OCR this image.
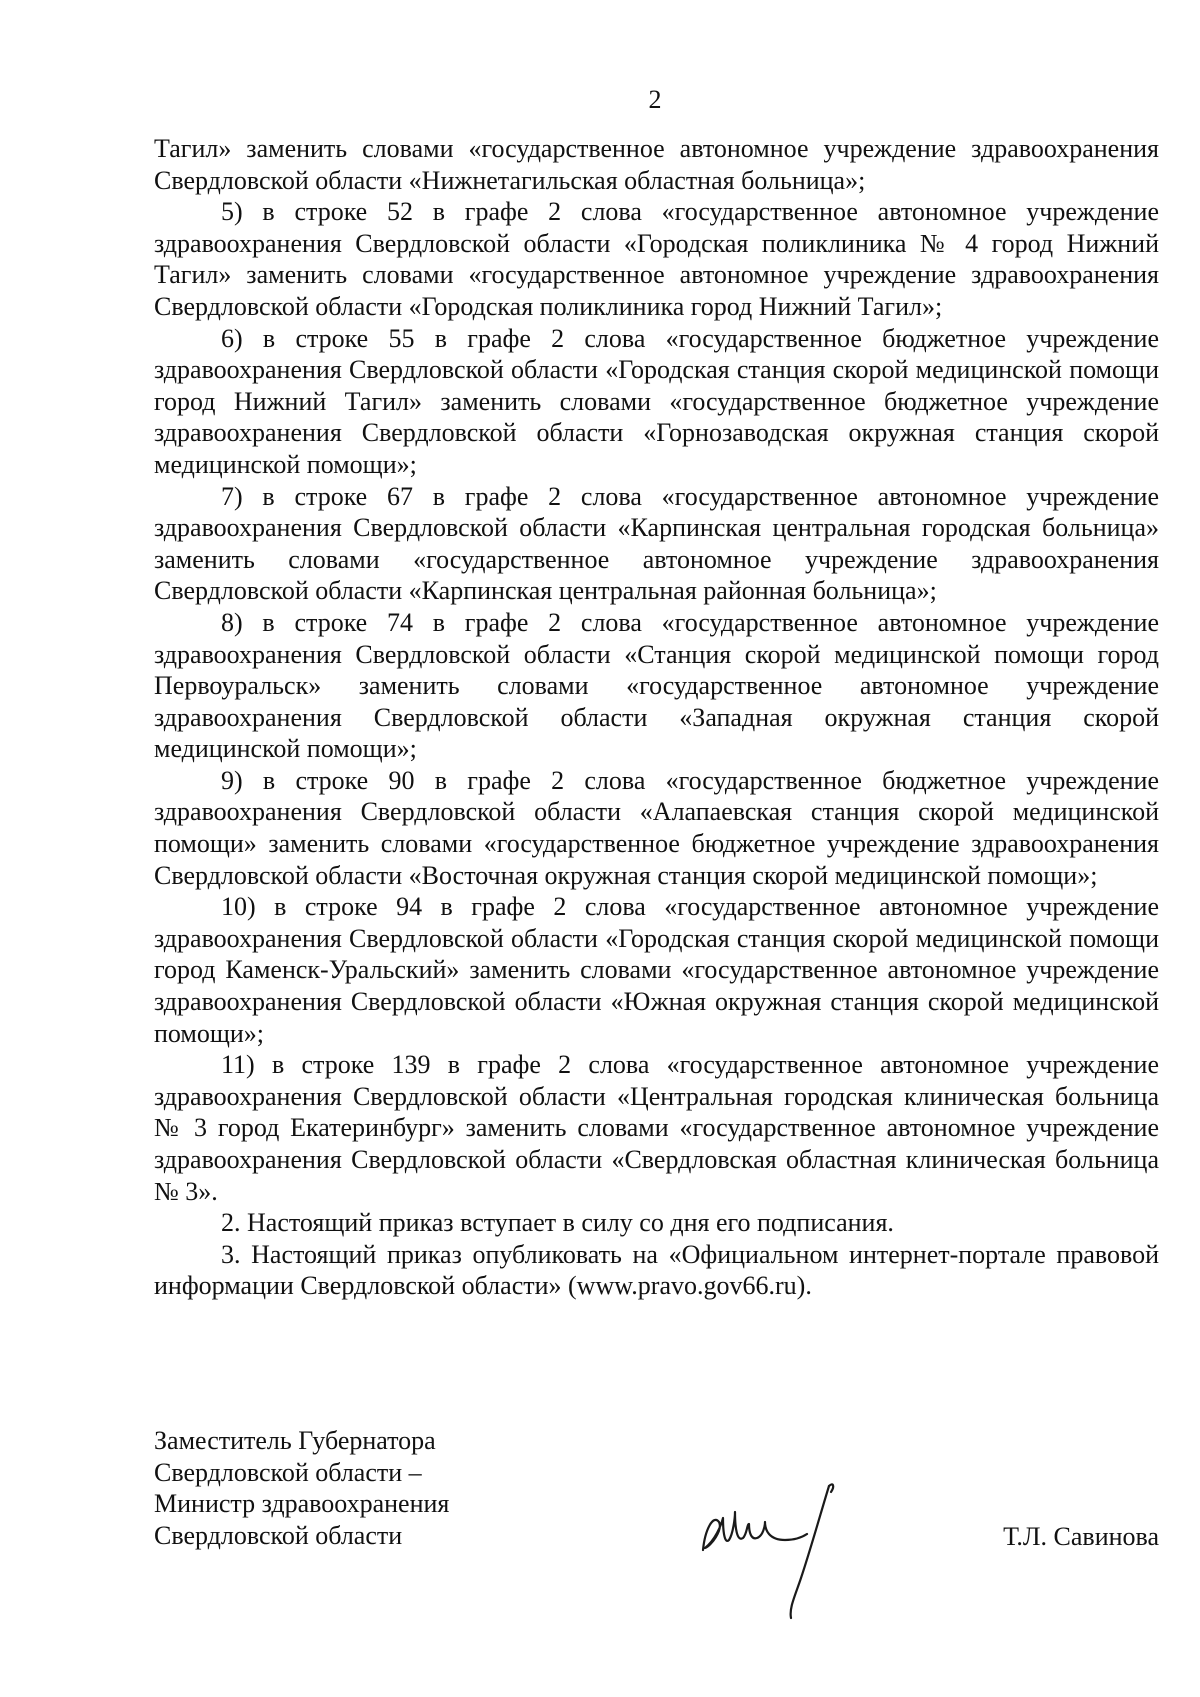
2

Тагил» заменить словами «государственное автономное учреждение здравоохранения Свердловской области «Нижнетагильская областная больница»;

5) в строке 52 в графе 2 слова «государственное автономное учреждение здравоохранения Свердловской области «Городская поликлиника № 4 город Нижний Тагил» заменить словами «государственное автономное учреждение здравоохранения Свердловской области «Городская поликлиника город Нижний Тагил»;

6) в строке 55 в графе 2 слова «государственное бюджетное учреждение здравоохранения Свердловской области «Городская станция скорой медицинской помощи город Нижний Тагил» заменить словами «государственное бюджетное учреждение здравоохранения Свердловской области «Горнозаводская окружная станция скорой медицинской помощи»;

7) в строке 67 в графе 2 слова «государственное автономное учреждение здравоохранения Свердловской области «Карпинская центральная городская больница» заменить словами «государственное автономное учреждение здравоохранения Свердловской области «Карпинская центральная районная больница»;

8) в строке 74 в графе 2 слова «государственное автономное учреждение здравоохранения Свердловской области «Станция скорой медицинской помощи город Первоуральск» заменить словами «государственное автономное учреждение здравоохранения Свердловской области «Западная окружная станция скорой медицинской помощи»;

9) в строке 90 в графе 2 слова «государственное бюджетное учреждение здравоохранения Свердловской области «Алапаевская станция скорой медицинской помощи» заменить словами «государственное бюджетное учреждение здравоохранения Свердловской области «Восточная окружная станция скорой медицинской помощи»;

10) в строке 94 в графе 2 слова «государственное автономное учреждение здравоохранения Свердловской области «Городская станция скорой медицинской помощи город Каменск-Уральский» заменить словами «государственное автономное учреждение здравоохранения Свердловской области «Южная окружная станция скорой медицинской помощи»;

11) в строке 139 в графе 2 слова «государственное автономное учреждение здравоохранения Свердловской области «Центральная городская клиническая больница № 3 город Екатеринбург» заменить словами «государственное автономное учреждение здравоохранения Свердловской области «Свердловская областная клиническая больница № 3».

2. Настоящий приказ вступает в силу со дня его подписания.

3. Настоящий приказ опубликовать на «Официальном интернет-портале правовой информации Свердловской области» (www.pravo.gov66.ru).

Заместитель Губернатора
Свердловской области –
Министр здравоохранения
Свердловской области	Т.Л. Савинова
